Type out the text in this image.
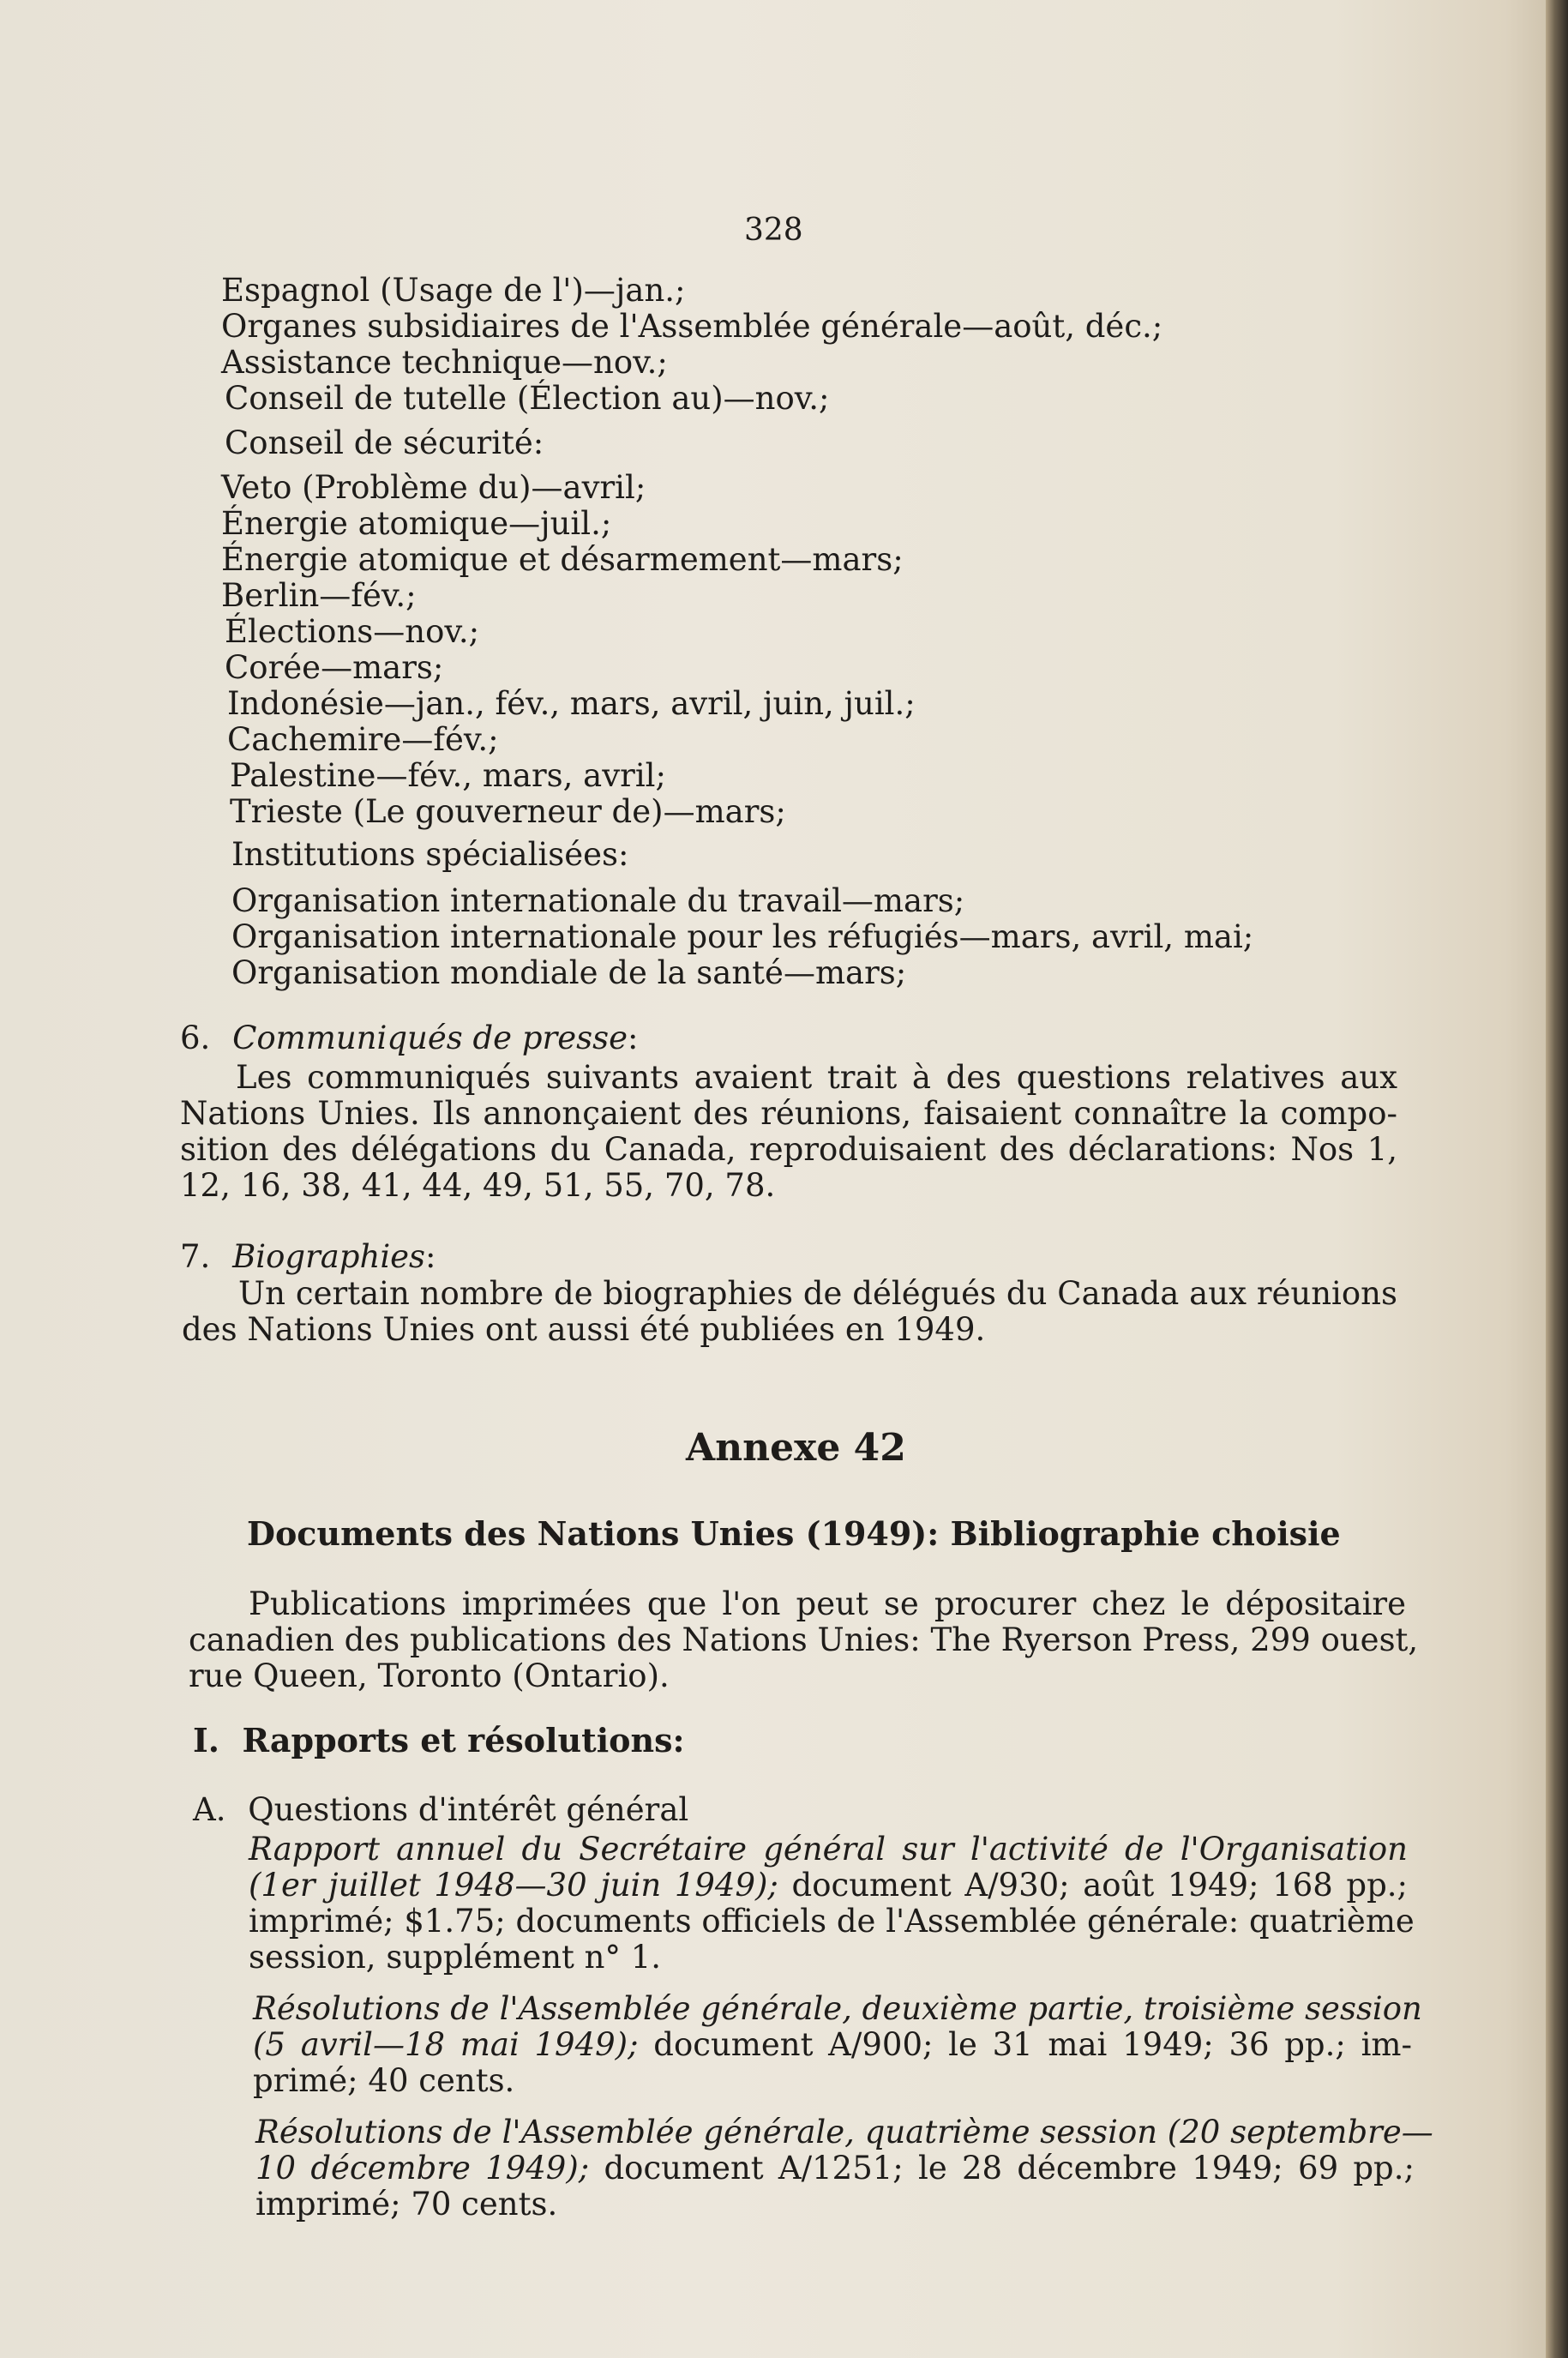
328
Espagnol (Usage de l')—jan.;
Organes subsidiaires de l'Assemblée générale—août, déc.;
Assistance technique—nov.;
Conseil de tutelle (Élection au)—nov.;
Conseil de sécurité:
Veto (Problème du)—avril;
Énergie atomique—juil.;
Énergie atomique et désarmement—mars;
Berlin—fév.;
Élections—nov.;
Corée—mars;
Indonésie—jan., fév., mars, avril, juin, juil.;
Cachemire—fév.;
Palestine—fév., mars, avril;
Trieste (Le gouverneur de)—mars;
Institutions spécialisées:
Organisation internationale du travail—mars;
Organisation internationale pour les réfugiés—mars, avril, mai;
Organisation mondiale de la santé—mars;
6. Communiqués de presse:
Les communiqués suivants avaient trait à des questions relatives aux
Nations Unies. Ils annonçaient des réunions, faisaient connaître la compo-
sition des délégations du Canada, reproduisaient des déclarations: Nos 1,
12, 16, 38, 41, 44, 49, 51, 55, 70, 78.
7. Biographies:
Un certain nombre de biographies de délégués du Canada aux réunions
des Nations Unies ont aussi été publiées en 1949.
Annexe 42
Documents des Nations Unies (1949): Bibliographie choisie
Publications imprimées que l'on peut se procurer chez le dépositaire
canadien des publications des Nations Unies: The Ryerson Press, 299 ouest,
rue Queen, Toronto (Ontario).
I.  Rapports et résolutions:
A. Questions d'intérêt général
Rapport annuel du Secrétaire général sur l'activité de l'Organisation
(1er juillet 1948—30 juin 1949); document A/930; août 1949; 168 pp.;
imprimé; $1.75; documents officiels de l'Assemblée générale: quatrième
session, supplément n° 1.
Résolutions de l'Assemblée générale, deuxième partie, troisième session
(5 avril—18 mai 1949); document A/900; le 31 mai 1949; 36 pp.; im-
primé; 40 cents.
Résolutions de l'Assemblée générale, quatrième session (20 septembre—
10 décembre 1949); document A/1251; le 28 décembre 1949; 69 pp.;
imprimé; 70 cents.
